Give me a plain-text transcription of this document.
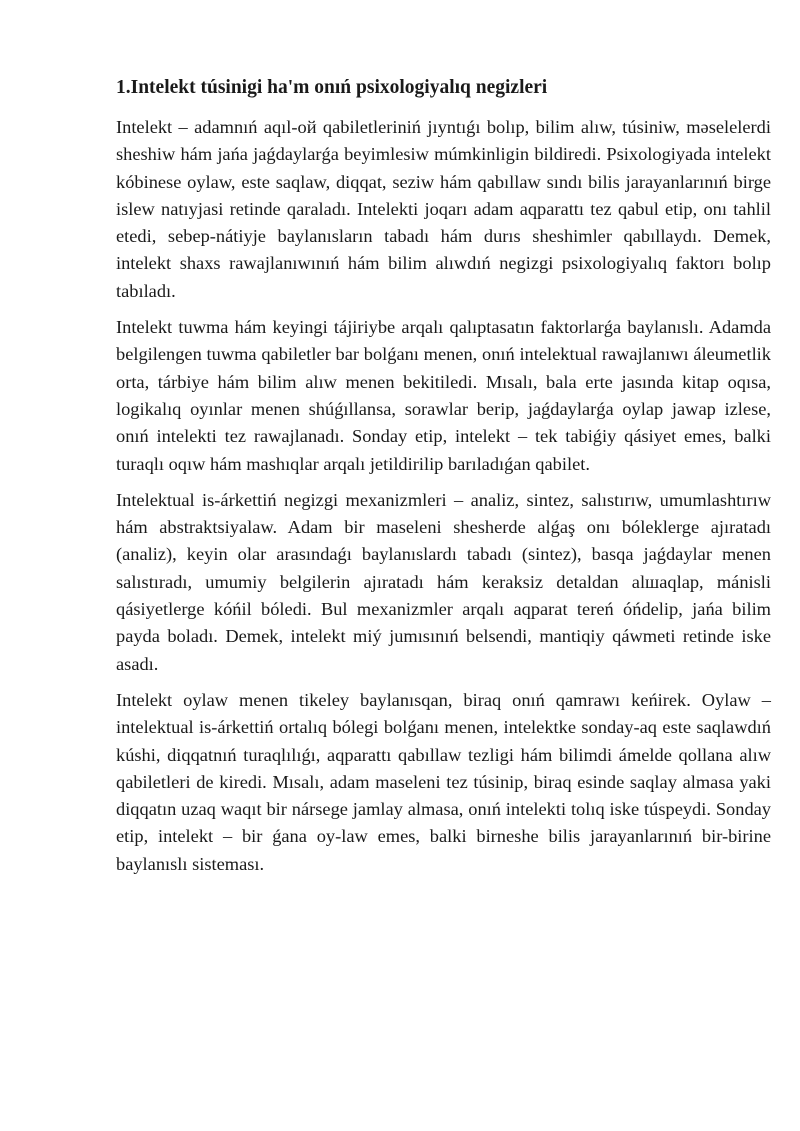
1.Intelekt túsinigi ha'm onıń psixologiyalıq negizleri

Intelekt – adamnıń aqıl-oй qabiletleriniń jıyntıǵı bolıp, bilim alıw, túsiniw, məselelerdi sheshiw hám jańa jaǵdaylarǵa beyimlesiw múmkinligin bildiredi. Psixologiyada intelekt kóbinese oylaw, este saqlaw, diqqat, seziw hám qabıllaw sındı bilis jarayanlarınıń birge islew natıyjasi retinde qaraladı. Intelekti joqarı adam aqparattı tez qabul etip, onı tahlil etedi, sebep-nátiyje baylanısların tabadı hám durıs sheshimler qabıllaydı. Demek, intelekt shaxs rawajlanıwınıń hám bilim alıwdıń negizgi psixologiyalıq faktorı bolıp tabıladı.

Intelekt tuwma hám keyingi tájiriybe arqalı qalıptasatın faktorlarǵa baylanıslı. Adamda belgilengen tuwma qabiletler bar bolǵanı menen, onıń intelektual rawajlanıwı áleumetlik orta, tárbiye hám bilim alıw menen bekitiledi. Mısalı, bala erte jasında kitap oqısa, logikalıq oyınlar menen shúǵıllansa, sorawlar berip, jaǵdaylarǵa oylap jawap izlese, onıń intelekti tez rawajlanadı. Sonday etip, intelekt – tek tabiǵiy qásiyet emes, balki turaqlı oqıw hám mashıqlar arqalı jetildirilip barıladıǵan qabilet.

Intelektual is-árkettiń negizgi mexanizmleri – analiz, sintez, salıstırıw, umumlashtırıw hám abstraktsiyalaw. Adam bir maseleni shesherde alǵaş onı bóleklerge ajıratadı (analiz), keyin olar arasındaǵı baylanıslardı tabadı (sintez), basqa jaǵdaylar menen salıstıradı, umumiy belgilerin ajıratadı hám keraksiz detaldan alшaqlap, mánisli qásiyetlerge kóńil bóledi. Bul mexanizmler arqalı aqparat tereń óńdelip, jańa bilim payda boladı. Demek, intelekt miý jumısınıń belsendi, mantiqiy qáwmeti retinde iske asadı.

Intelekt oylaw menen tikeley baylanısqan, biraq onıń qamrawı keńirek. Oylaw – intelektual is-árkettiń ortalıq bólegi bolǵanı menen, intelektke sonday-aq este saqlawdıń kúshi, diqqatnıń turaqlılıǵı, aqparattı qabıllaw tezligi hám bilimdi ámelde qollana alıw qabiletleri de kiredi. Mısalı, adam maseleni tez túsinip, biraq esinde saqlay almasa yaki diqqatın uzaq waqıt bir nársege jamlay almasa, onıń intelekti tolıq iske túspeydi. Sonday etip, intelekt – bir ǵana oy-law emes, balki birneshe bilis jarayanlarınıń bir-birine baylanıslı sisteması.
